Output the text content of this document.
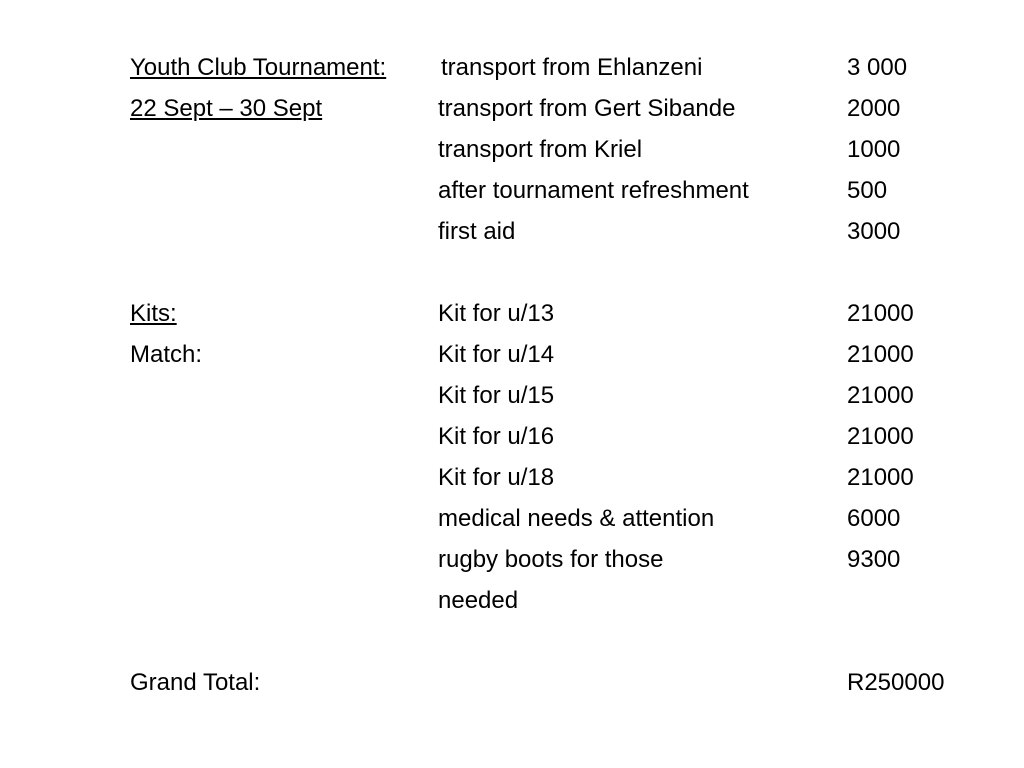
Youth Club Tournament: transport from Ehlanzeni	3 000
22 Sept – 30 Sept	transport from Gert Sibande	2000
transport from Kriel	1000
after tournament refreshment	500
first aid	3000
Kits:	Kit for u/13	21000
Match:	Kit for u/14	21000
Kit for u/15	21000
Kit for u/16	21000
Kit for u/18	21000
medical needs & attention	6000
rugby boots for those	9300
needed
Grand Total:	R250000
